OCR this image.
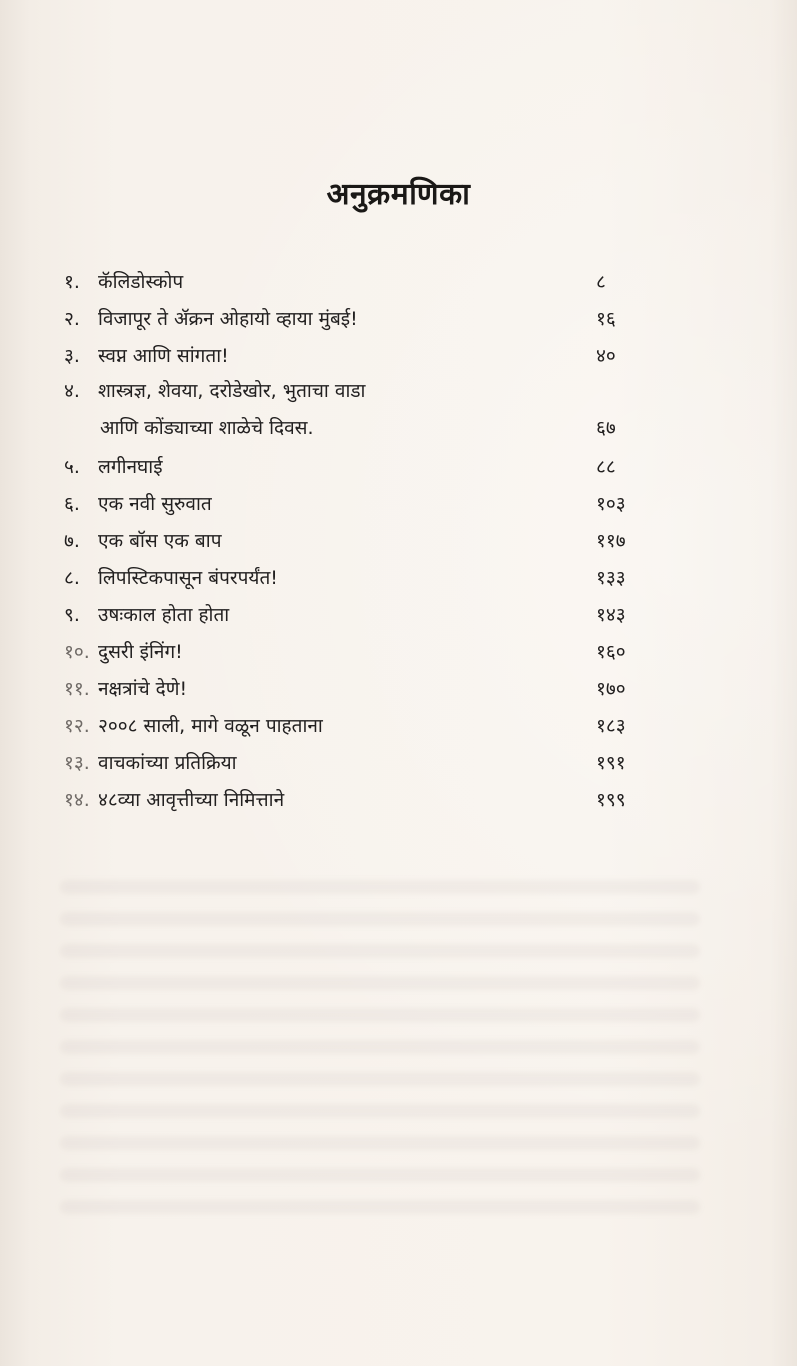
अनुक्रमणिका
१. कॅलिडोस्कोप	८
२. विजापूर ते ॲक्रन ओहायो व्हाया मुंबई!	१६
३. स्वप्न आणि सांगता!	४०
४. शास्त्रज्ञ, शेवया, दरोडेखोर, भुताचा वाडा
आणि कोंड्याच्या शाळेचे दिवस.	६७
५. लगीनघाई	८८
६. एक नवी सुरुवात	१०३
७. एक बॉस एक बाप	११७
८. लिपस्टिकपासून बंपरपर्यंत!	१३३
९. उषःकाल होता होता	१४३
१०. दुसरी इंनिंग!	१६०
११. नक्षत्रांचे देणे!	१७०
१२. २००८ साली, मागे वळून पाहताना	१८३
१३. वाचकांच्या प्रतिक्रिया	१९१
१४. ४८व्या आवृत्तीच्या निमित्ताने	१९९
